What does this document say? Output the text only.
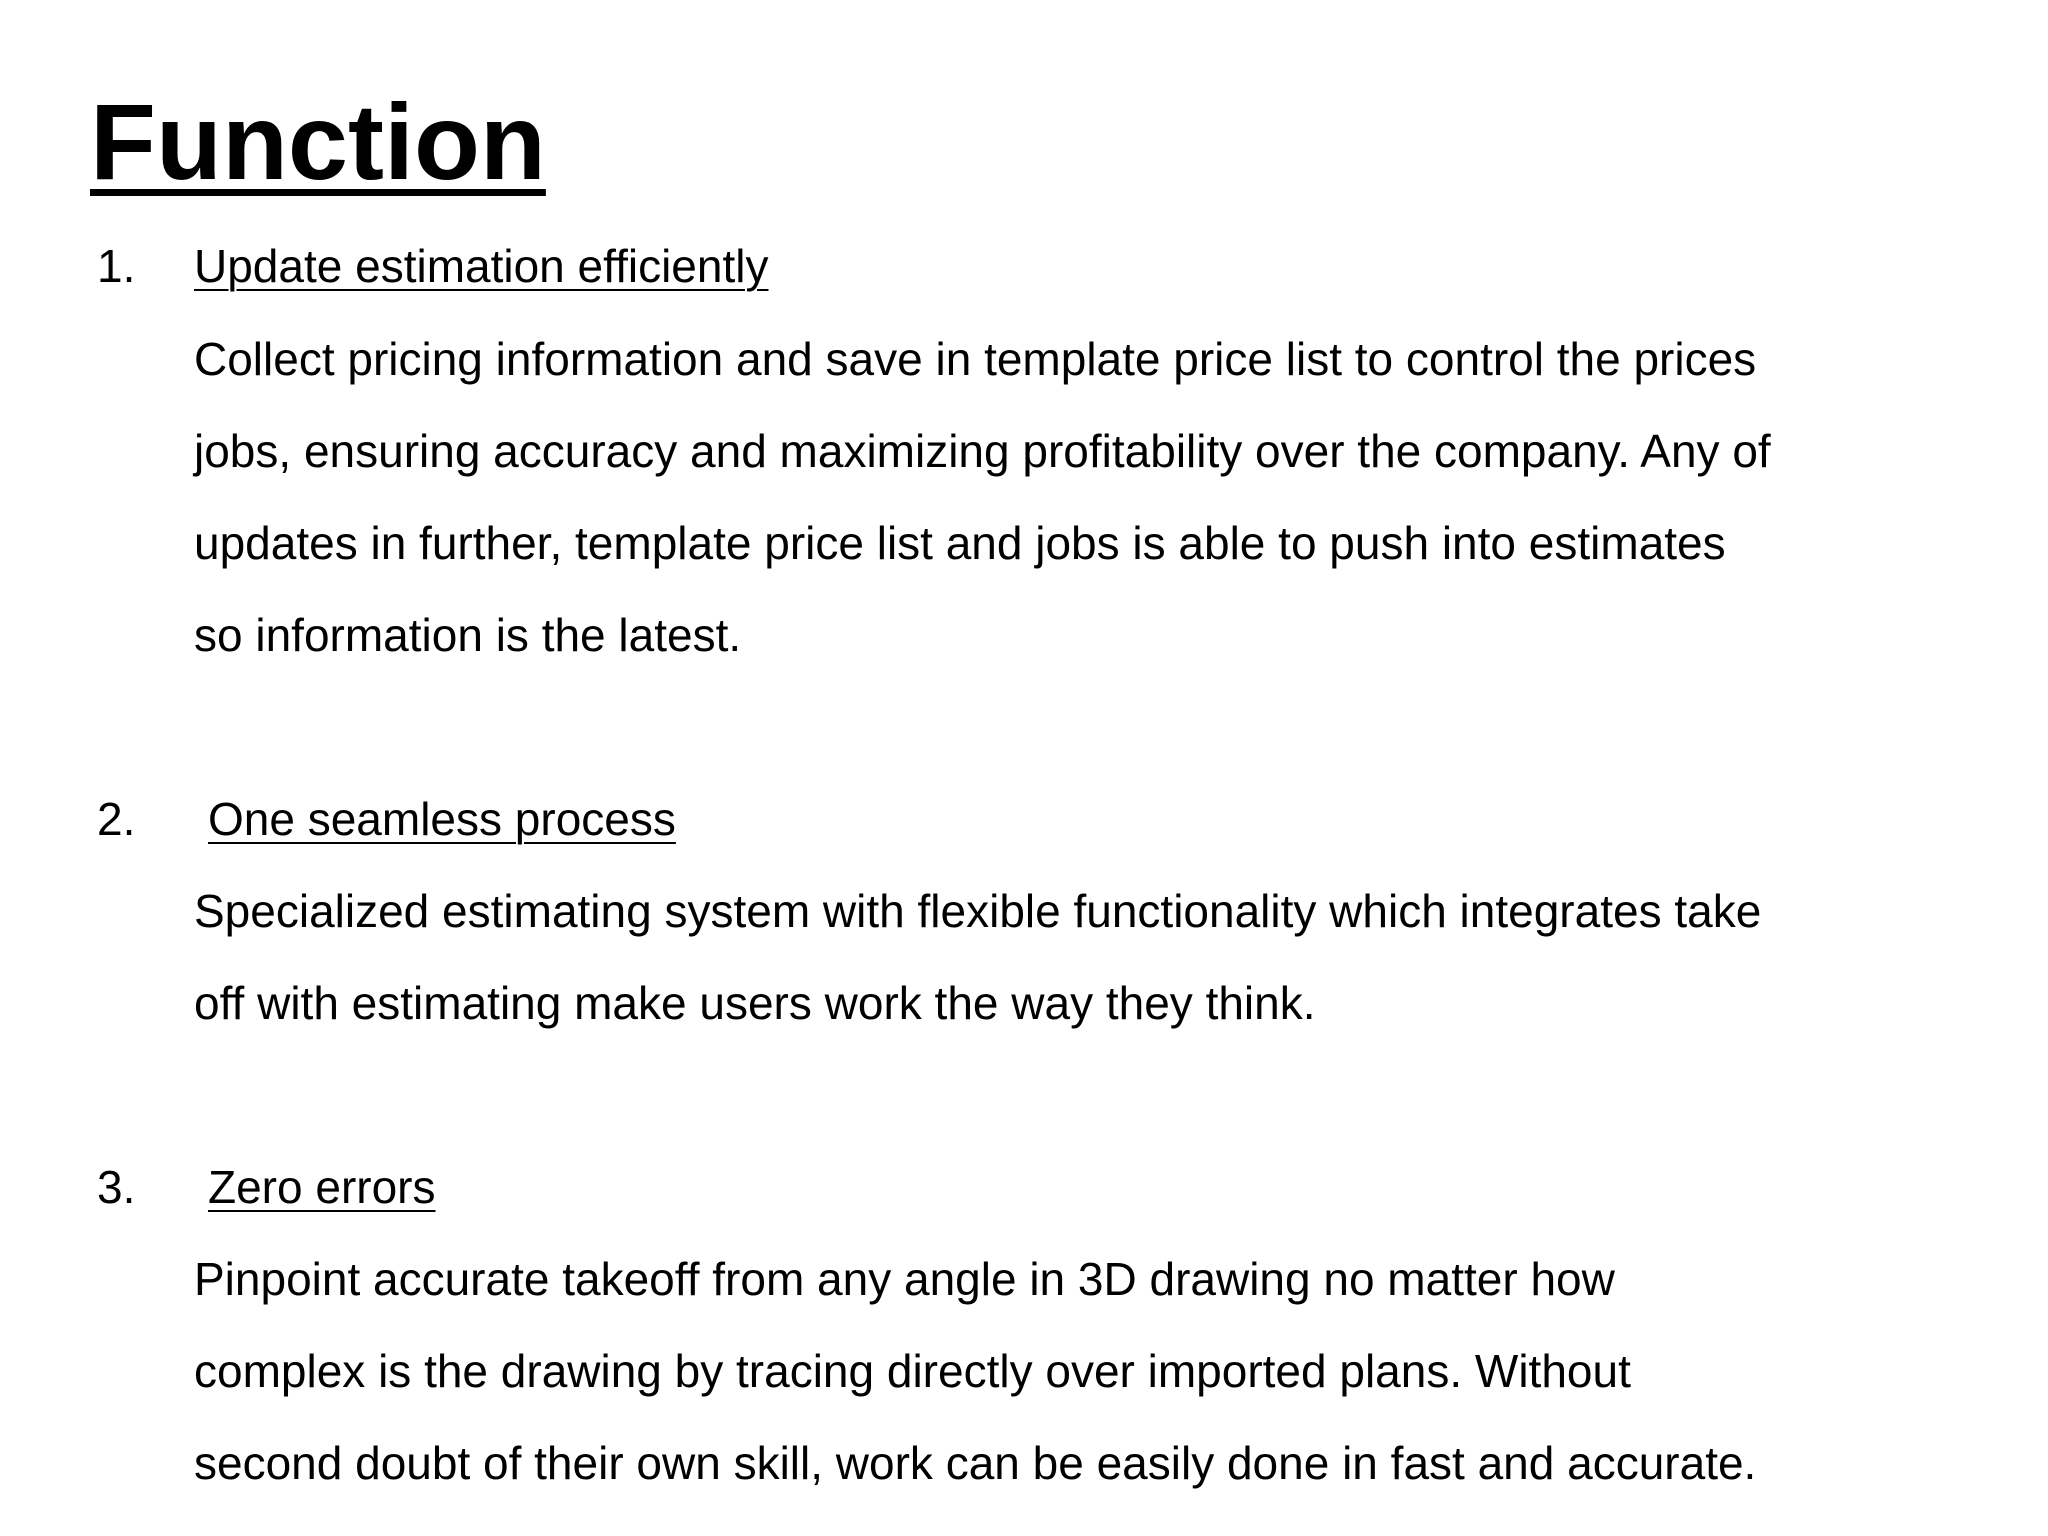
Function
1. Update estimation efficiently
Collect pricing information and save in template price list to control the prices
jobs, ensuring accuracy and maximizing profitability over the company. Any of
updates in further, template price list and jobs is able to push into estimates
so information is the latest.
2. One seamless process
Specialized estimating system with flexible functionality which integrates take
off with estimating make users work the way they think.
3. Zero errors
Pinpoint accurate takeoff from any angle in 3D drawing no matter how
complex is the drawing by tracing directly over imported plans. Without
second doubt of their own skill, work can be easily done in fast and accurate.
